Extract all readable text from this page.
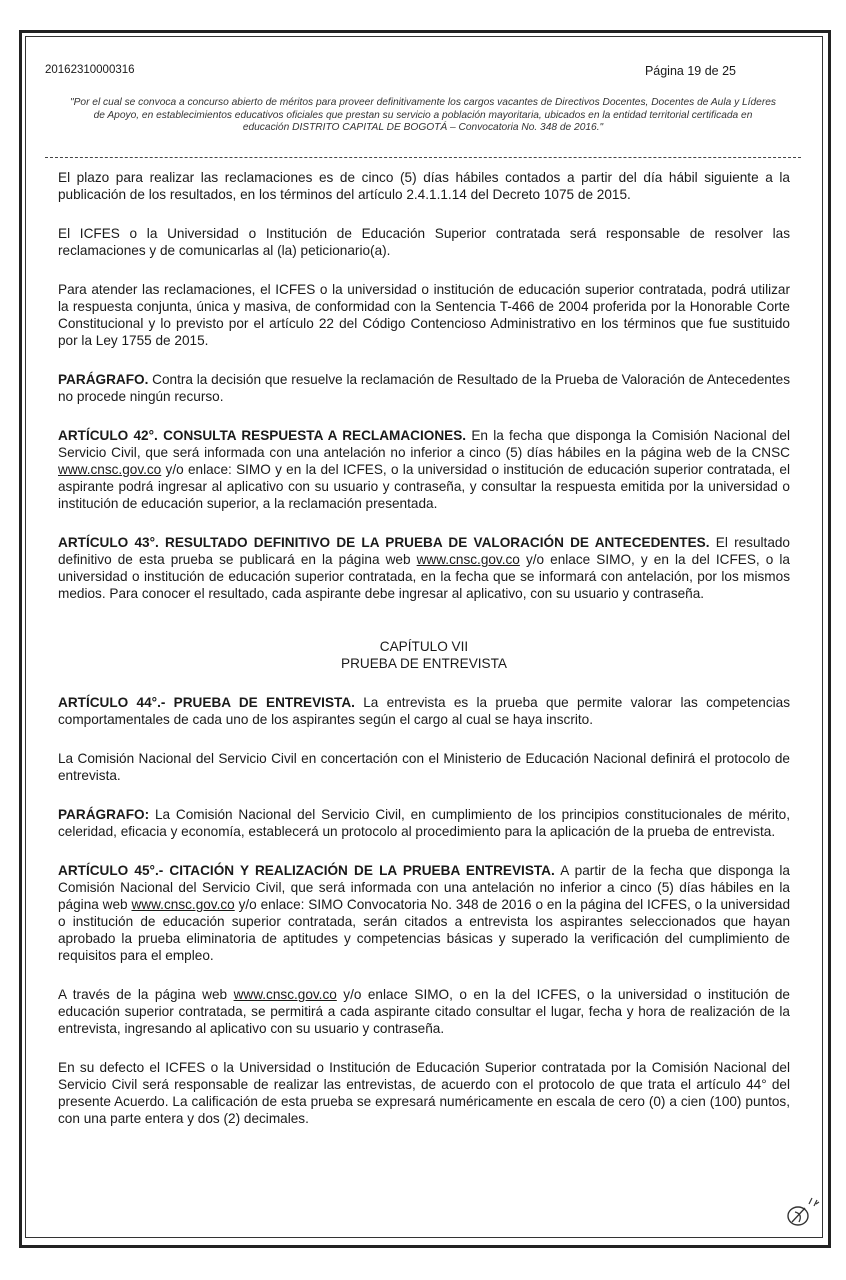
20162310000316	Página 19 de 25
"Por el cual se convoca a concurso abierto de méritos para proveer definitivamente los cargos vacantes de Directivos Docentes, Docentes de Aula y Líderes de Apoyo, en establecimientos educativos oficiales que prestan su servicio a población mayoritaria, ubicados en la entidad territorial certificada en educación DISTRITO CAPITAL DE BOGOTÁ – Convocatoria No. 348 de 2016."

El plazo para realizar las reclamaciones es de cinco (5) días hábiles contados a partir del día hábil siguiente a la publicación de los resultados, en los términos del artículo 2.4.1.1.14 del Decreto 1075 de 2015.

El ICFES o la Universidad o Institución de Educación Superior contratada será responsable de resolver las reclamaciones y de comunicarlas al (la) peticionario(a).

Para atender las reclamaciones, el ICFES o la universidad o institución de educación superior contratada, podrá utilizar la respuesta conjunta, única y masiva, de conformidad con la Sentencia T-466 de 2004 proferida por la Honorable Corte Constitucional y lo previsto por el artículo 22 del Código Contencioso Administrativo en los términos que fue sustituido por la Ley 1755 de 2015.

PARÁGRAFO. Contra la decisión que resuelve la reclamación de Resultado de la Prueba de Valoración de Antecedentes no procede ningún recurso.

ARTÍCULO 42°. CONSULTA RESPUESTA A RECLAMACIONES. En la fecha que disponga la Comisión Nacional del Servicio Civil, que será informada con una antelación no inferior a cinco (5) días hábiles en la página web de la CNSC www.cnsc.gov.co y/o enlace: SIMO y en la del ICFES, o la universidad o institución de educación superior contratada, el aspirante podrá ingresar al aplicativo con su usuario y contraseña, y consultar la respuesta emitida por la universidad o institución de educación superior, a la reclamación presentada.

ARTÍCULO 43°. RESULTADO DEFINITIVO DE LA PRUEBA DE VALORACIÓN DE ANTECEDENTES. El resultado definitivo de esta prueba se publicará en la página web www.cnsc.gov.co y/o enlace SIMO, y en la del ICFES, o la universidad o institución de educación superior contratada, en la fecha que se informará con antelación, por los mismos medios. Para conocer el resultado, cada aspirante debe ingresar al aplicativo, con su usuario y contraseña.

CAPÍTULO VII
PRUEBA DE ENTREVISTA

ARTÍCULO 44°.- PRUEBA DE ENTREVISTA. La entrevista es la prueba que permite valorar las competencias comportamentales de cada uno de los aspirantes según el cargo al cual se haya inscrito.

La Comisión Nacional del Servicio Civil en concertación con el Ministerio de Educación Nacional definirá el protocolo de entrevista.

PARÁGRAFO: La Comisión Nacional del Servicio Civil, en cumplimiento de los principios constitucionales de mérito, celeridad, eficacia y economía, establecerá un protocolo al procedimiento para la aplicación de la prueba de entrevista.

ARTÍCULO 45°.- CITACIÓN Y REALIZACIÓN DE LA PRUEBA ENTREVISTA. A partir de la fecha que disponga la Comisión Nacional del Servicio Civil, que será informada con una antelación no inferior a cinco (5) días hábiles en la página web www.cnsc.gov.co y/o enlace: SIMO Convocatoria No. 348 de 2016 o en la página del ICFES, o la universidad o institución de educación superior contratada, serán citados a entrevista los aspirantes seleccionados que hayan aprobado la prueba eliminatoria de aptitudes y competencias básicas y superado la verificación del cumplimiento de requisitos para el empleo.

A través de la página web www.cnsc.gov.co y/o enlace SIMO, o en la del ICFES, o la universidad o institución de educación superior contratada, se permitirá a cada aspirante citado consultar el lugar, fecha y hora de realización de la entrevista, ingresando al aplicativo con su usuario y contraseña.

En su defecto el ICFES o la Universidad o Institución de Educación Superior contratada por la Comisión Nacional del Servicio Civil será responsable de realizar las entrevistas, de acuerdo con el protocolo de que trata el artículo 44° del presente Acuerdo. La calificación de esta prueba se expresará numéricamente en escala de cero (0) a cien (100) puntos, con una parte entera y dos (2) decimales.
